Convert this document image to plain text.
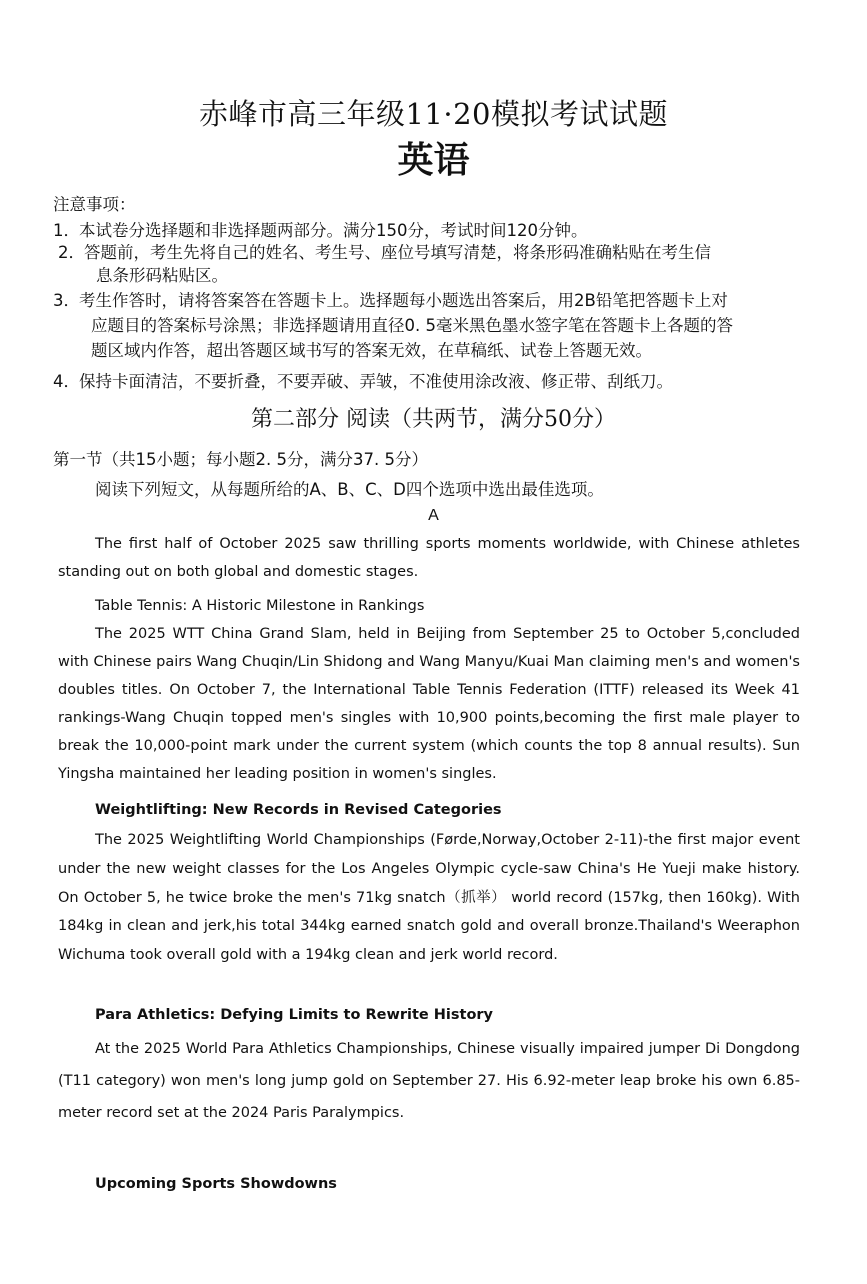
赤峰市高三年级11·20模拟考试试题
英语
注意事项：
1．本试卷分选择题和非选择题两部分。满分150分，考试时间120分钟。
2．答题前，考生先将自己的姓名、考生号、座位号填写清楚，将条形码准确粘贴在考生信
息条形码粘贴区。
3．考生作答时，请将答案答在答题卡上。选择题每小题选出答案后，用2B铅笔把答题卡上对
应题目的答案标号涂黑；非选择题请用直径0. 5毫米黑色墨水签字笔在答题卡上各题的答
题区域内作答，超出答题区域书写的答案无效，在草稿纸、试卷上答题无效。
4．保持卡面清洁，不要折叠，不要弄破、弄皱，不准使用涂改液、修正带、刮纸刀。
第二部分 阅读（共两节，满分50分）
第一节（共15小题；每小题2. 5分，满分37. 5分）
阅读下列短文，从每题所给的A、B、C、D四个选项中选出最佳选项。
A
The first half of October 2025 saw thrilling sports moments worldwide, with Chinese athletes standing out on both global and domestic stages.
Table Tennis: A Historic Milestone in Rankings
The 2025 WTT China Grand Slam, held in Beijing from September 25 to October 5,concluded with Chinese pairs Wang Chuqin/Lin Shidong and Wang Manyu/Kuai Man claiming men's and women's doubles titles. On October 7, the International Table Tennis Federation (ITTF) released its Week 41 rankings-Wang Chuqin topped men's singles with 10,900 points,becoming the first male player to break the 10,000-point mark under the current system (which counts the top 8 annual results). Sun Yingsha maintained her leading position in women's singles.
Weightlifting: New Records in Revised Categories
The 2025 Weightlifting World Championships (Førde,Norway,October 2-11)-the first major event under the new weight classes for the Los Angeles Olympic cycle-saw China's He Yueji make history. On October 5, he twice broke the men's 71kg snatch（抓举） world record (157kg, then 160kg). With 184kg in clean and jerk,his total 344kg earned snatch gold and overall bronze.Thailand's Weeraphon Wichuma took overall gold with a 194kg clean and jerk world record.
Para Athletics: Defying Limits to Rewrite History
At the 2025 World Para Athletics Championships, Chinese visually impaired jumper Di Dongdong (T11 category) won men's long jump gold on September 27. His 6.92-meter leap broke his own 6.85-meter record set at the 2024 Paris Paralympics.
Upcoming Sports Showdowns
